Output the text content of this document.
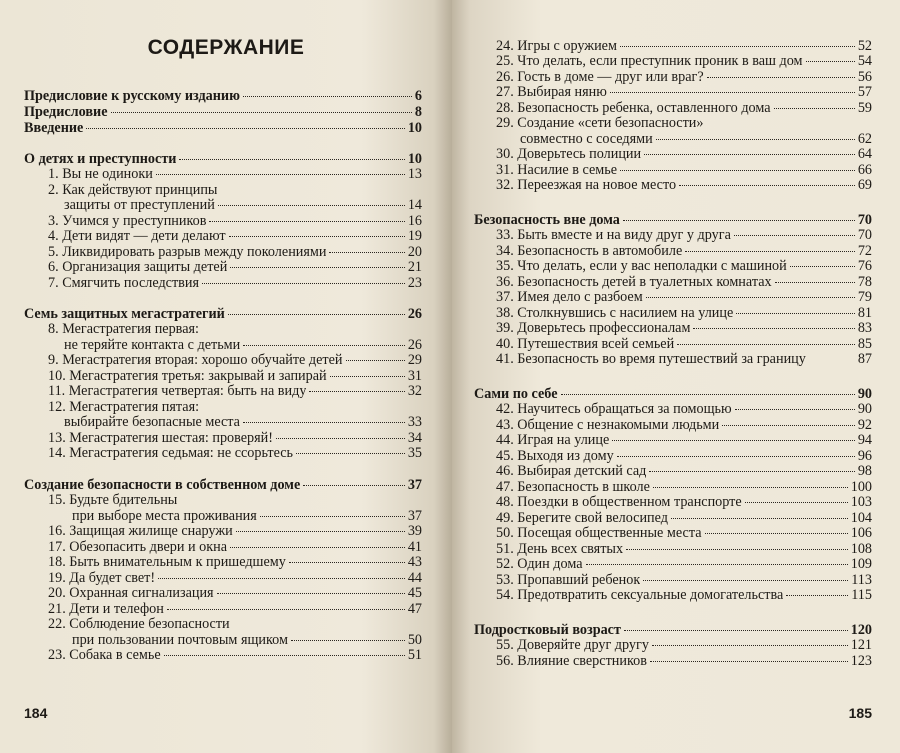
СОДЕРЖАНИЕ
Предисловие к русскому изданию	6
Предисловие	8
Введение	10
О детях и преступности	10
1. Вы не одиноки	13
2. Как действуют принципы
защиты от преступлений	14
3. Учимся у преступников	16
4. Дети видят — дети делают	19
5. Ликвидировать разрыв между поколениями	20
6. Организация защиты детей	21
7. Смягчить последствия	23
Семь защитных мегастратегий	26
8. Мегастратегия первая:
не теряйте контакта с детьми	26
9. Мегастратегия вторая: хорошо обучайте детей	29
10. Мегастратегия третья: закрывай и запирай	31
11. Мегастратегия четвертая: быть на виду	32
12. Мегастратегия пятая:
выбирайте безопасные места	33
13. Мегастратегия шестая: проверяй!	34
14. Мегастратегия седьмая: не ссорьтесь	35
Создание безопасности в собственном доме	37
15. Будьте бдительны
при выборе места проживания	37
16. Защищая жилище снаружи	39
17. Обезопасить двери и окна	41
18. Быть внимательным к пришедшему	43
19. Да будет свет!	44
20. Охранная сигнализация	45
21. Дети и телефон	47
22. Соблюдение безопасности
при пользовании почтовым ящиком	50
23. Собака в семье	51
184	185
24. Игры с оружием	52
25. Что делать, если преступник проник в ваш дом	54
26. Гость в доме — друг или враг?	56
27. Выбирая няню	57
28. Безопасность ребенка, оставленного дома	59
29. Создание «сети безопасности»
совместно с соседями	62
30. Доверьтесь полиции	64
31. Насилие в семье	66
32. Переезжая на новое место	69
Безопасность вне дома	70
33. Быть вместе и на виду друг у друга	70
34. Безопасность в автомобиле	72
35. Что делать, если у вас неполадки с машиной	76
36. Безопасность детей в туалетных комнатах	78
37. Имея дело с разбоем	79
38. Столкнувшись с насилием на улице	81
39. Доверьтесь профессионалам	83
40. Путешествия всей семьей	85
41. Безопасность во время путешествий за границу	87
Сами по себе	90
42. Научитесь обращаться за помощью	90
43. Общение с незнакомыми людьми	92
44. Играя на улице	94
45. Выходя из дому	96
46. Выбирая детский сад	98
47. Безопасность в школе	100
48. Поездки в общественном транспорте	103
49. Берегите свой велосипед	104
50. Посещая общественные места	106
51. День всех святых	108
52. Один дома	109
53. Пропавший ребенок	113
54. Предотвратить сексуальные домогательства	115
Подростковый возраст	120
55. Доверяйте друг другу	121
56. Влияние сверстников	123
